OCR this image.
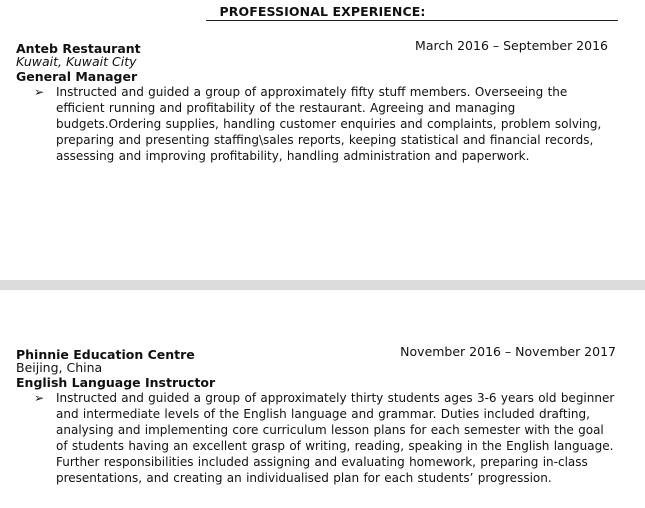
PROFESSIONAL EXPERIENCE:
Anteb Restaurant	March 2016 – September 2016
Kuwait, Kuwait City
General Manager
➢ Instructed and guided a group of approximately fifty stuff members. Overseeing the efficient running and profitability of the restaurant. Agreeing and managing budgets.Ordering supplies, handling customer enquiries and complaints, problem solving, preparing and presenting staffing\sales reports, keeping statistical and financial records, assessing and improving profitability, handling administration and paperwork.

Phinnie Education Centre	November 2016 – November 2017
Beijing, China
English Language Instructor
➢ Instructed and guided a group of approximately thirty students ages 3-6 years old beginner and intermediate levels of the English language and grammar. Duties included drafting, analysing and implementing core curriculum lesson plans for each semester with the goal of students having an excellent grasp of writing, reading, speaking in the English language. Further responsibilities included assigning and evaluating homework, preparing in-class presentations, and creating an individualised plan for each students’ progression.
